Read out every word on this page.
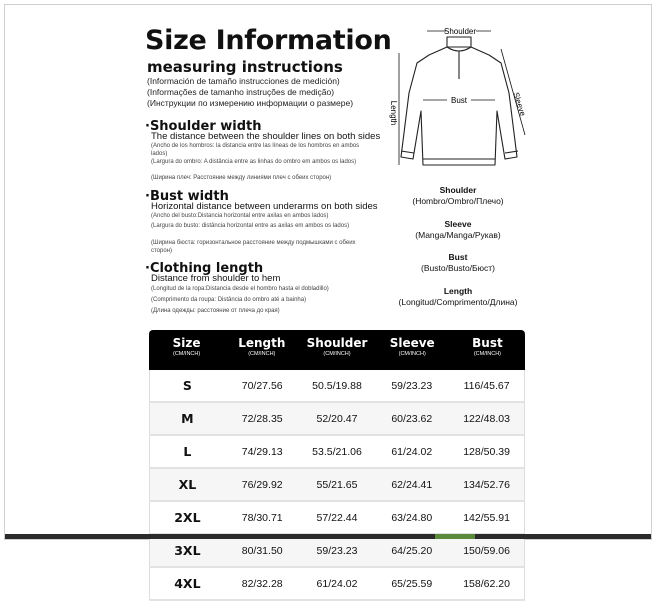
Size Information
measuring instructions
(Información de tamaño instrucciones de medición)
(Informações de tamanho instruções de medição)
(Инструкции по измерению информации о размере)
·Shoulder width
The distance between the shoulder lines on both sides
(Ancho de los hombros: la distancia entre las líneas de los hombros en ambos lados)
(Largura do ombro: A distância entre as linhas do ombro em ambos os lados)
(Ширина плеч: Расстояние между линиями плеч с обеих сторон)
·Bust width
Horizontal distance between underarms on both sides
(Ancho del busto:Distancia horizontal entre axilas en ambos lados)
(Largura do busto: distância horizontal entre as axilas em ambos os lados)
(Ширина бюста: горизонтальное расстояние между подмышками с обеих сторон)
·Clothing length
Distance from shoulder to hem
(Longitud de la ropa:Distancia desde el hombro hasta el dobladillo)
(Comprimento da roupa: Distância do ombro até a bainha)
(Длина одежды: расстояние от плеча до края)
Shoulder
Bust
Length	Sleeve
Shoulder
(Hombro/Ombro/Плечо)
Sleeve
(Manga/Manga/Рукав)
Bust
(Busto/Busto/Бюст)
Length
(Longitud/Comprimento/Длина)
Size
(CM/INCH)
Length
(CM/INCH)
Shoulder
(CM/INCH)
Sleeve
(CM/INCH)
Bust
(CM/INCH)
S	70/27.56	50.5/19.88	59/23.23	116/45.67
M	72/28.35	52/20.47	60/23.62	122/48.03
L	74/29.13	53.5/21.06	61/24.02	128/50.39
XL	76/29.92	55/21.65	62/24.41	134/52.76
2XL	78/30.71	57/22.44	63/24.80	142/55.91
3XL	80/31.50	59/23.23	64/25.20	150/59.06
4XL	82/32.28	61/24.02	65/25.59	158/62.20
